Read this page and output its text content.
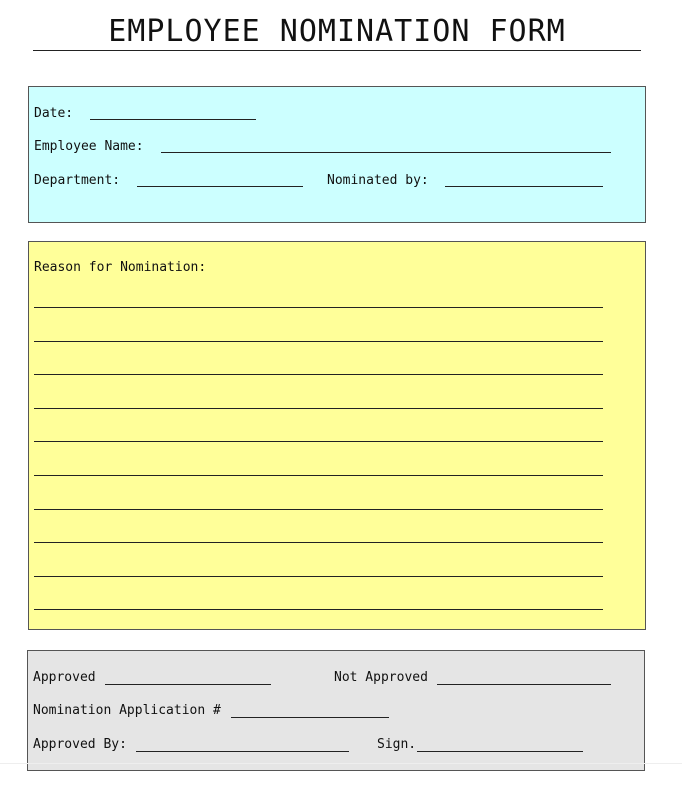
EMPLOYEE NOMINATION FORM
Date:
Employee Name:
Department:	Nominated by:
Reason for Nomination:
Approved	Not Approved
Nomination Application #
Approved By:	Sign.
